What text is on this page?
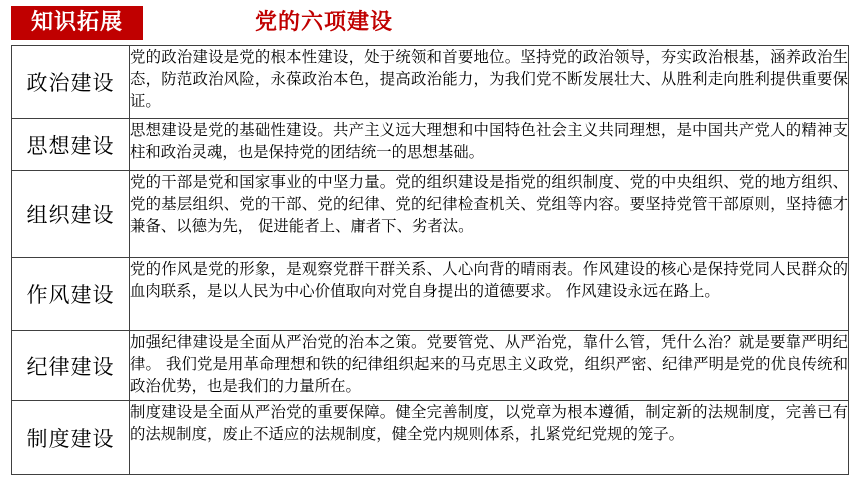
知识拓展	党的六项建设
政治建设	党的政治建设是党的根本性建设，处于统领和首要地位。坚持党的政治领导，夯实政治根基，涵养政治生态，防范政治风险，永葆政治本色，提高政治能力，为我们党不断发展壮大、从胜利走向胜利提供重要保证。
思想建设	思想建设是党的基础性建设。共产主义远大理想和中国特色社会主义共同理想，是中国共产党人的精神支柱和政治灵魂，也是保持党的团结统一的思想基础。
组织建设	党的干部是党和国家事业的中坚力量。党的组织建设是指党的组织制度、党的中央组织、党的地方组织、党的基层组织、党的干部、党的纪律、党的纪律检查机关、党组等内容。要坚持党管干部原则，坚持德才兼备、以德为先， 促进能者上、庸者下、劣者汰。
作风建设	党的作风是党的形象，是观察党群干群关系、人心向背的晴雨表。作风建设的核心是保持党同人民群众的血肉联系，是以人民为中心价值取向对党自身提出的道德要求。 作风建设永远在路上。
纪律建设	加强纪律建设是全面从严治党的治本之策。党要管党、从严治党，靠什么管，凭什么治？就是要靠严明纪律。 我们党是用革命理想和铁的纪律组织起来的马克思主义政党，组织严密、纪律严明是党的优良传统和政治优势，也是我们的力量所在。
制度建设	制度建设是全面从严治党的重要保障。健全完善制度，以党章为根本遵循，制定新的法规制度，完善已有的法规制度，废止不适应的法规制度，健全党内规则体系，扎紧党纪党规的笼子。
